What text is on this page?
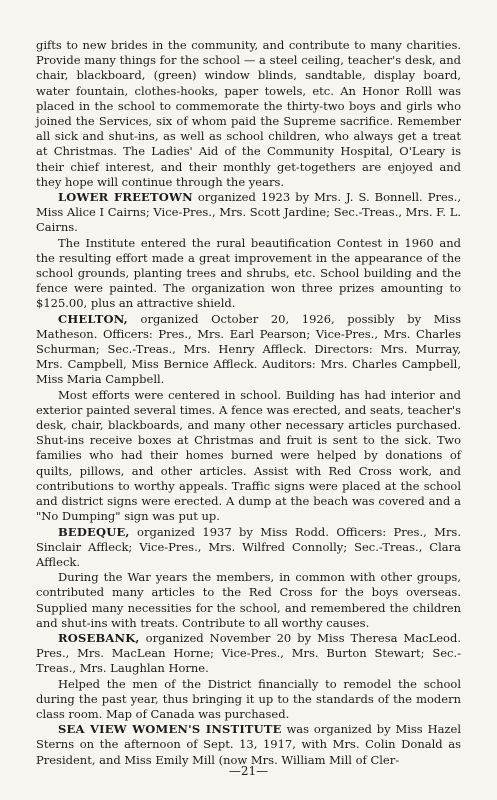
gifts to new brides in the community, and contribute to many charities. Provide many things for the school — a steel ceiling, teacher's desk, and chair, blackboard, (green) window blinds, sandtable, display board, water fountain, clothes-hooks, paper towels, etc. An Honor Rolll was placed in the school to commemorate the thirty-two boys and girls who joined the Services, six of whom paid the Supreme sacrifice. Remember all sick and shut-ins, as well as school children, who always get a treat at Christmas. The Ladies' Aid of the Community Hospital, O'Leary is their chief interest, and their monthly get-togethers are enjoyed and they hope will continue through the years.

LOWER FREETOWN organized 1923 by Mrs. J. S. Bonnell. Pres., Miss Alice I Cairns; Vice-Pres., Mrs. Scott Jardine; Sec.-Treas., Mrs. F. L. Cairns.

The Institute entered the rural beautification Contest in 1960 and the resulting effort made a great improvement in the appearance of the school grounds, planting trees and shrubs, etc. School building and the fence were painted. The organization won three prizes amounting to $125.00, plus an attractive shield.

CHELTON, organized October 20, 1926, possibly by Miss Matheson. Officers: Pres., Mrs. Earl Pearson; Vice-Pres., Mrs. Charles Schurman; Sec.-Treas., Mrs. Henry Affleck. Directors: Mrs. Murray, Mrs. Campbell, Miss Bernice Affleck. Auditors: Mrs. Charles Campbell, Miss Maria Campbell.

Most efforts were centered in school. Building has had interior and exterior painted several times. A fence was erected, and seats, teacher's desk, chair, blackboards, and many other necessary articles purchased. Shut-ins receive boxes at Christmas and fruit is sent to the sick. Two families who had their homes burned were helped by donations of quilts, pillows, and other articles. Assist with Red Cross work, and contributions to worthy appeals. Traffic signs were placed at the school and district signs were erected. A dump at the beach was covered and a "No Dumping" sign was put up.

BEDEQUE, organized 1937 by Miss Rodd. Officers: Pres., Mrs. Sinclair Affleck; Vice-Pres., Mrs. Wilfred Connolly; Sec.-Treas., Clara Affleck.

During the War years the members, in common with other groups, contributed many articles to the Red Cross for the boys overseas. Supplied many necessities for the school, and remembered the children and shut-ins with treats. Contribute to all worthy causes.

ROSEBANK, organized November 20 by Miss Theresa MacLeod. Pres., Mrs. MacLean Horne; Vice-Pres., Mrs. Burton Stewart; Sec.-Treas., Mrs. Laughlan Horne.

Helped the men of the District financially to remodel the school during the past year, thus bringing it up to the standards of the modern class room. Map of Canada was purchased.

SEA VIEW WOMEN'S INSTITUTE was organized by Miss Hazel Sterns on the afternoon of Sept. 13, 1917, with Mrs. Colin Donald as President, and Miss Emily Mill (now Mrs. William Mill of Cler-

—21—
